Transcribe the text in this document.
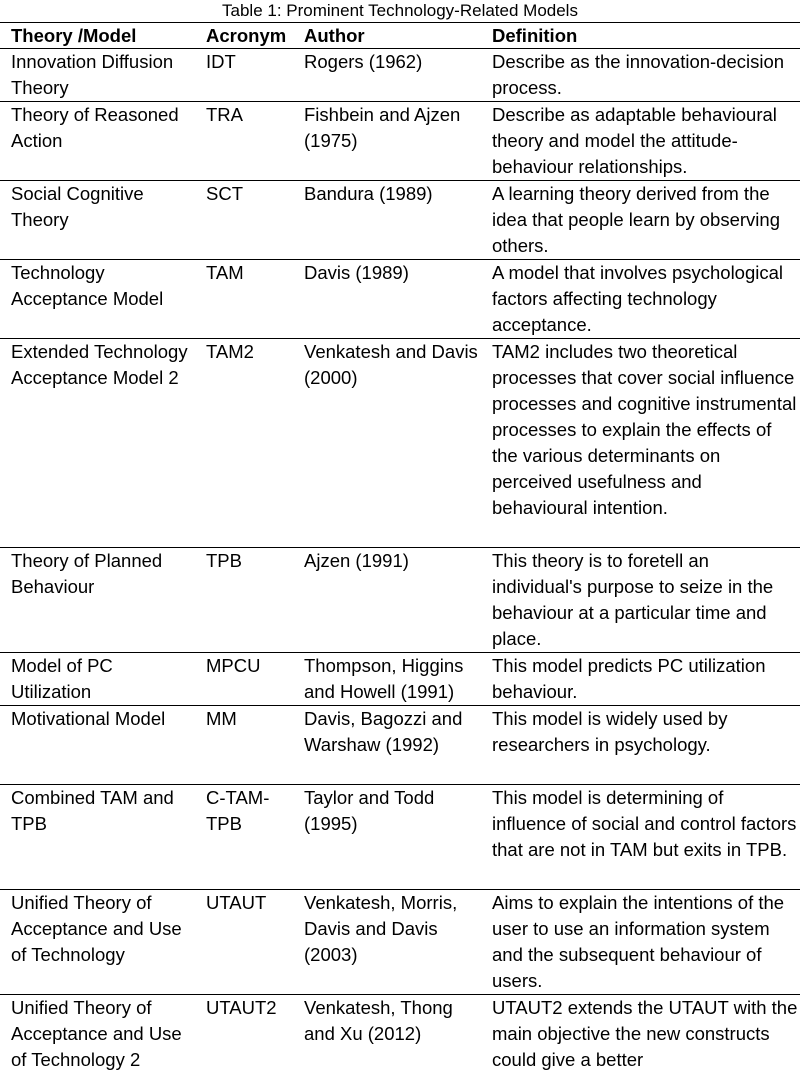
Table 1: Prominent Technology-Related Models
Theory /Model	Acronym	Author	Definition
Innovation Diffusion Theory	IDT	Rogers (1962)	Describe as the innovation-decision process.
Theory of Reasoned Action	TRA	Fishbein and Ajzen (1975)	Describe as adaptable behavioural theory and model the attitude-behaviour relationships.
Social Cognitive Theory	SCT	Bandura (1989)	A learning theory derived from the idea that people learn by observing others.
Technology Acceptance Model	TAM	Davis (1989)	A model that involves psychological factors affecting technology acceptance.
Extended Technology Acceptance Model 2	TAM2	Venkatesh and Davis (2000)	TAM2 includes two theoretical processes that cover social influence processes and cognitive instrumental processes to explain the effects of the various determinants on perceived usefulness and behavioural intention.
Theory of Planned Behaviour	TPB	Ajzen (1991)	This theory is to foretell an individual's purpose to seize in the behaviour at a particular time and place.
Model of PC Utilization	MPCU	Thompson, Higgins and Howell (1991)	This model predicts PC utilization behaviour.
Motivational Model	MM	Davis, Bagozzi and Warshaw (1992)	This model is widely used by researchers in psychology.
Combined TAM and TPB	C-TAM-TPB	Taylor and Todd (1995)	This model is determining of influence of social and control factors that are not in TAM but exits in TPB.
Unified Theory of Acceptance and Use of Technology	UTAUT	Venkatesh, Morris, Davis and Davis (2003)	Aims to explain the intentions of the user to use an information system and the subsequent behaviour of users.
Unified Theory of Acceptance and Use of Technology 2	UTAUT2	Venkatesh, Thong and Xu (2012)	UTAUT2 extends the UTAUT with the main objective the new constructs could give a better
